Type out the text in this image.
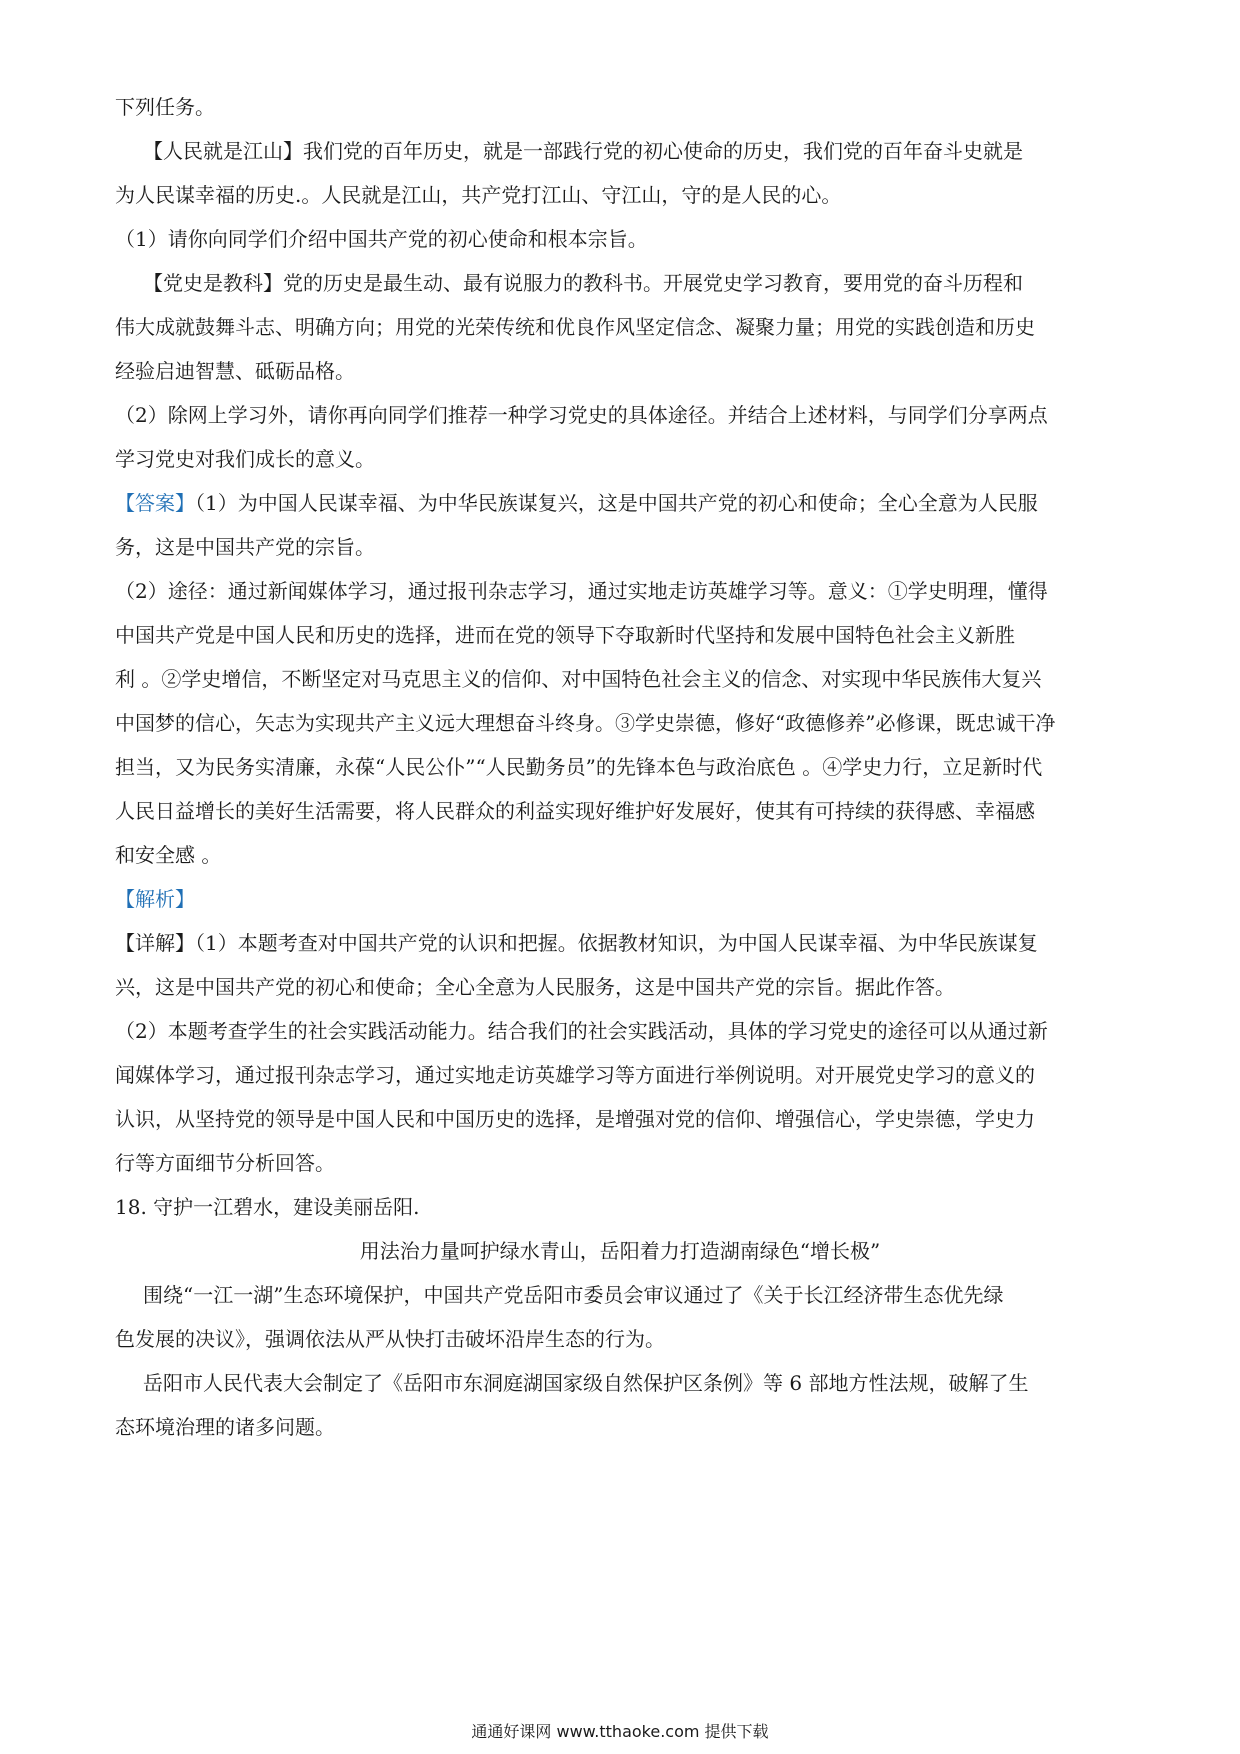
下列任务。
【人民就是江山】我们党的百年历史，就是一部践行党的初心使命的历史，我们党的百年奋斗史就是
为人民谋幸福的历史.。人民就是江山，共产党打江山、守江山，守的是人民的心。
（1）请你向同学们介绍中国共产党的初心使命和根本宗旨。
【党史是教科】党的历史是最生动、最有说服力的教科书。开展党史学习教育，要用党的奋斗历程和
伟大成就鼓舞斗志、明确方向；用党的光荣传统和优良作风坚定信念、凝聚力量；用党的实践创造和历史
经验启迪智慧、砥砺品格。
（2）除网上学习外，请你再向同学们推荐一种学习党史的具体途径。并结合上述材料，与同学们分享两点
学习党史对我们成长的意义。
【答案】（1）为中国人民谋幸福、为中华民族谋复兴，这是中国共产党的初心和使命；全心全意为人民服
务，这是中国共产党的宗旨。
（2）途径：通过新闻媒体学习，通过报刊杂志学习，通过实地走访英雄学习等。意义：①学史明理，懂得
中国共产党是中国人民和历史的选择，进而在党的领导下夺取新时代坚持和发展中国特色社会主义新胜
利 。②学史增信，不断坚定对马克思主义的信仰、对中国特色社会主义的信念、对实现中华民族伟大复兴
中国梦的信心，矢志为实现共产主义远大理想奋斗终身。③学史崇德，修好“政德修养”必修课，既忠诚干净
担当，又为民务实清廉，永葆“人民公仆”“人民勤务员”的先锋本色与政治底色 。④学史力行，立足新时代
人民日益增长的美好生活需要，将人民群众的利益实现好维护好发展好，使其有可持续的获得感、幸福感
和安全感 。
【解析】
【详解】（1）本题考查对中国共产党的认识和把握。依据教材知识，为中国人民谋幸福、为中华民族谋复
兴，这是中国共产党的初心和使命；全心全意为人民服务，这是中国共产党的宗旨。据此作答。
（2）本题考查学生的社会实践活动能力。结合我们的社会实践活动，具体的学习党史的途径可以从通过新
闻媒体学习，通过报刊杂志学习，通过实地走访英雄学习等方面进行举例说明。对开展党史学习的意义的
认识，从坚持党的领导是中国人民和中国历史的选择，是增强对党的信仰、增强信心，学史崇德，学史力
行等方面细节分析回答。
18. 守护一江碧水，建设美丽岳阳.
用法治力量呵护绿水青山，岳阳着力打造湖南绿色“增长极”
围绕“一江一湖”生态环境保护，中国共产党岳阳市委员会审议通过了《关于长江经济带生态优先绿
色发展的决议》，强调依法从严从快打击破坏沿岸生态的行为。
岳阳市人民代表大会制定了《岳阳市东洞庭湖国家级自然保护区条例》等 6 部地方性法规，破解了生
态环境治理的诸多问题。
通通好课网 www.tthaoke.com 提供下载
